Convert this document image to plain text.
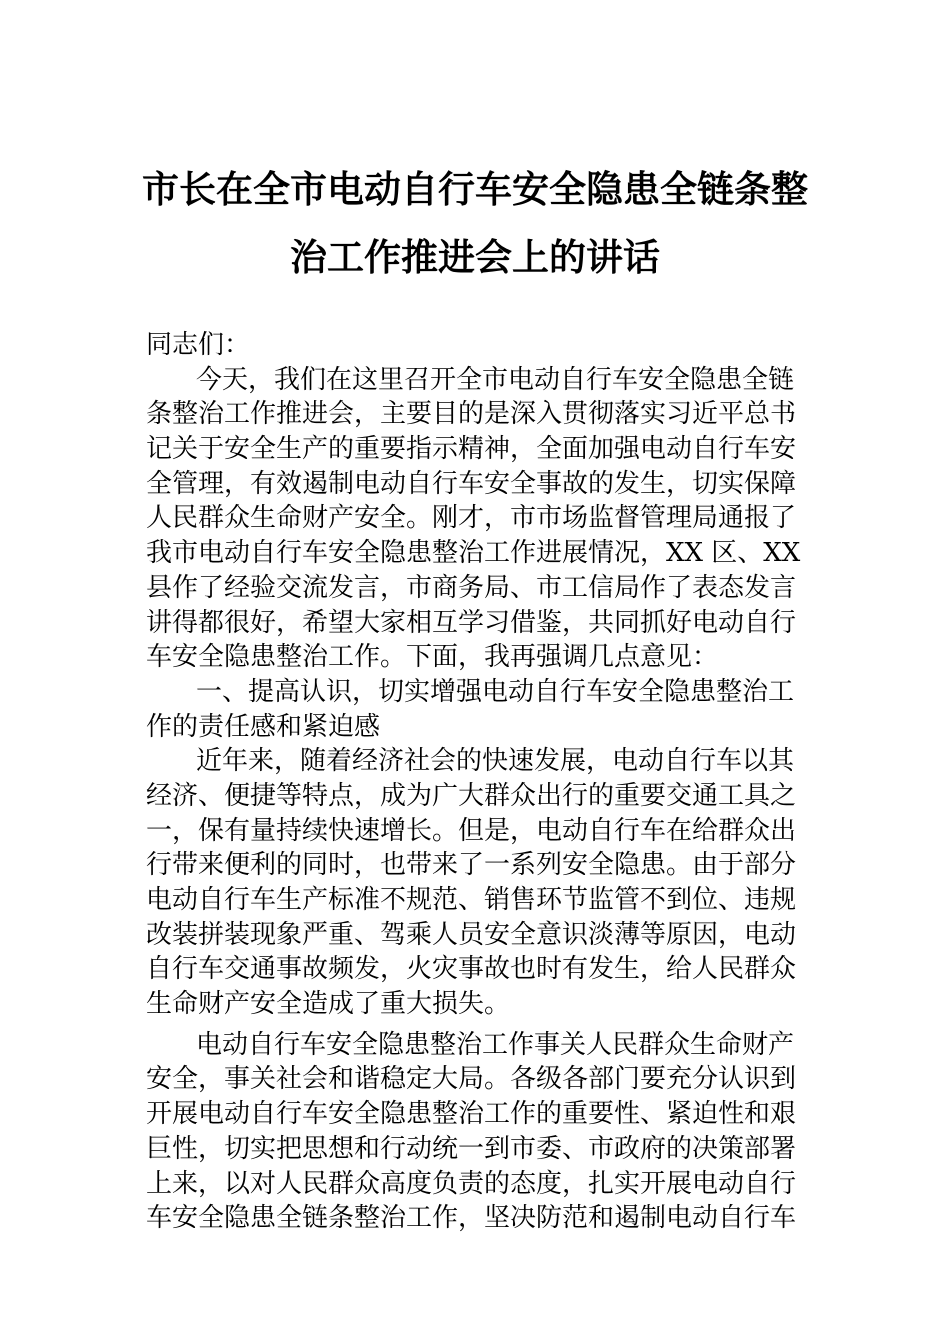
市长在全市电动自行车安全隐患全链条整
治工作推进会上的讲话
同志们：
今天，我们在这里召开全市电动自行车安全隐患全链
条整治工作推进会，主要目的是深入贯彻落实习近平总书
记关于安全生产的重要指示精神，全面加强电动自行车安
全管理，有效遏制电动自行车安全事故的发生，切实保障
人民群众生命财产安全。刚才，市市场监督管理局通报了
我市电动自行车安全隐患整治工作进展情况，XX 区、XX
县作了经验交流发言，市商务局、市工信局作了表态发言
讲得都很好，希望大家相互学习借鉴，共同抓好电动自行
车安全隐患整治工作。下面，我再强调几点意见：
一、提高认识，切实增强电动自行车安全隐患整治工
作的责任感和紧迫感
近年来，随着经济社会的快速发展，电动自行车以其
经济、便捷等特点，成为广大群众出行的重要交通工具之
一，保有量持续快速增长。但是，电动自行车在给群众出
行带来便利的同时，也带来了一系列安全隐患。由于部分
电动自行车生产标准不规范、销售环节监管不到位、违规
改装拼装现象严重、驾乘人员安全意识淡薄等原因，电动
自行车交通事故频发，火灾事故也时有发生，给人民群众
生命财产安全造成了重大损失。
电动自行车安全隐患整治工作事关人民群众生命财产
安全，事关社会和谐稳定大局。各级各部门要充分认识到
开展电动自行车安全隐患整治工作的重要性、紧迫性和艰
巨性，切实把思想和行动统一到市委、市政府的决策部署
上来，以对人民群众高度负责的态度，扎实开展电动自行
车安全隐患全链条整治工作，坚决防范和遏制电动自行车
